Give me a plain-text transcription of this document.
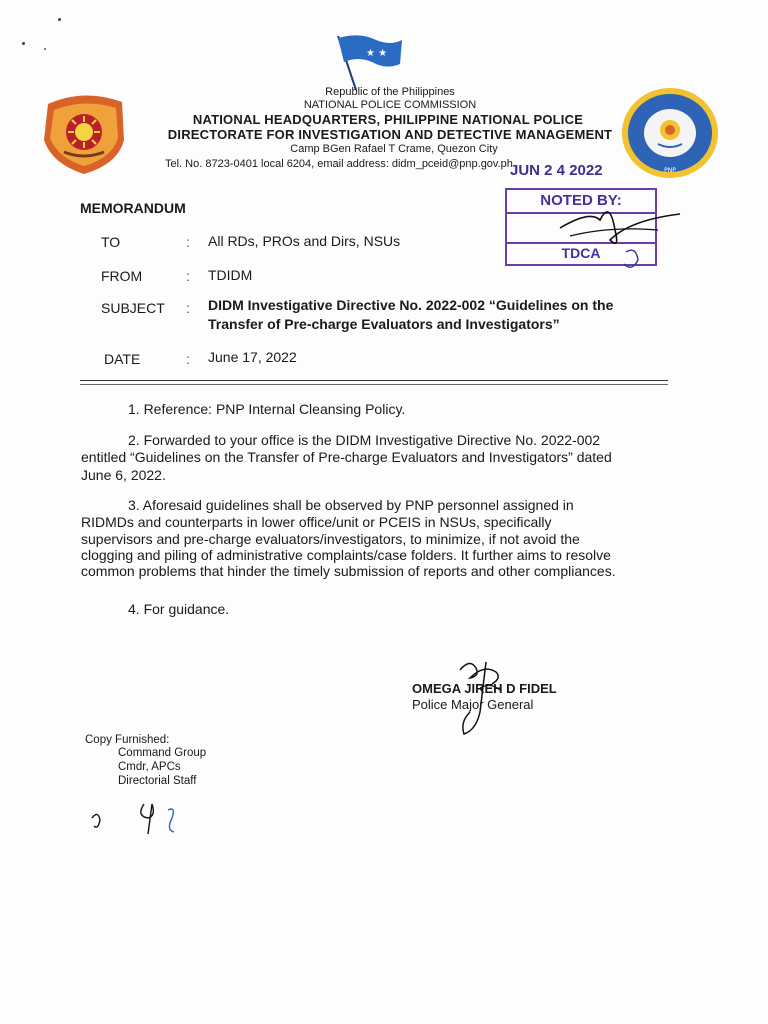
★ ★
PNP
Republic of the Philippines
NATIONAL POLICE COMMISSION
NATIONAL HEADQUARTERS, PHILIPPINE NATIONAL POLICE
DIRECTORATE FOR INVESTIGATION AND DETECTIVE MANAGEMENT
Camp BGen Rafael T Crame, Quezon City
Tel. No. 8723-0401 local 6204, email address: didm_pceid@pnp.gov.ph
JUN 2 4 2022
NOTED BY:
TDCA
MEMORANDUM
TO	: All RDs, PROs and Dirs, NSUs
FROM	: TDIDM
SUBJECT : DIDM Investigative Directive No. 2022-002 “Guidelines on the
Transfer of Pre-charge Evaluators and Investigators”
DATE	: June 17, 2022
1. Reference: PNP Internal Cleansing Policy.
2. Forwarded to your office is the DIDM Investigative Directive No. 2022-002
entitled “Guidelines on the Transfer of Pre-charge Evaluators and Investigators” dated
June 6, 2022.
3. Aforesaid guidelines shall be observed by PNP personnel assigned in
RIDMDs and counterparts in lower office/unit or PCEIS in NSUs, specifically
supervisors and pre-charge evaluators/investigators, to minimize, if not avoid the
clogging and piling of administrative complaints/case folders. It further aims to resolve
common problems that hinder the timely submission of reports and other compliances.
4. For guidance.
OMEGA JIREH D FIDEL
Police Major General
Copy Furnished:
Command Group
Cmdr, APCs
Directorial Staff
